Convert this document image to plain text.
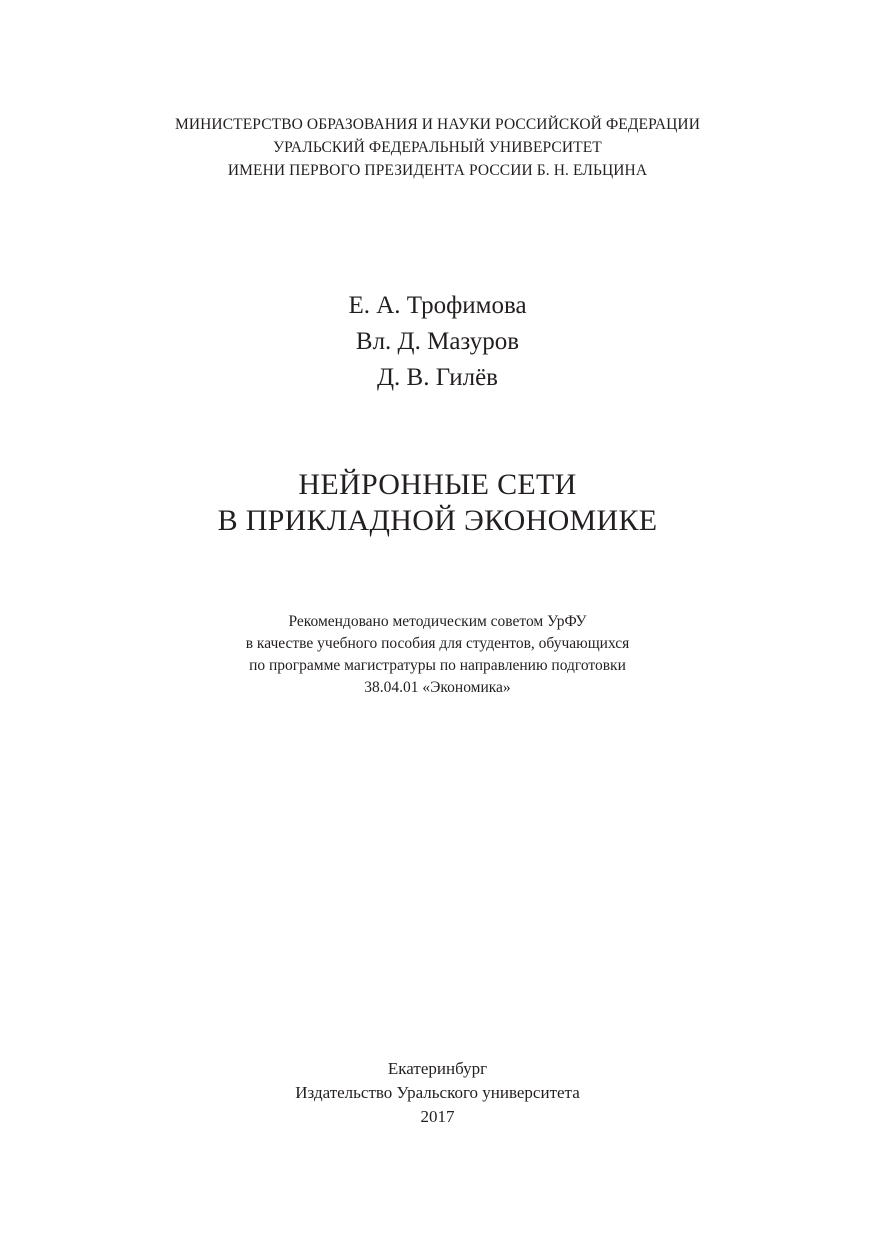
МИНИСТЕРСТВО ОБРАЗОВАНИЯ И НАУКИ РОССИЙСКОЙ ФЕДЕРАЦИИ
УРАЛЬСКИЙ ФЕДЕРАЛЬНЫЙ УНИВЕРСИТЕТ
ИМЕНИ ПЕРВОГО ПРЕЗИДЕНТА РОССИИ Б. Н. ЕЛЬЦИНА
Е. А. Трофимова
Вл. Д. Мазуров
Д. В. Гилёв
НЕЙРОННЫЕ СЕТИ
В ПРИКЛАДНОЙ ЭКОНОМИКЕ
Рекомендовано методическим советом УрФУ
в качестве учебного пособия для студентов, обучающихся
по программе магистратуры по направлению подготовки
38.04.01 «Экономика»
Екатеринбург
Издательство Уральского университета
2017
